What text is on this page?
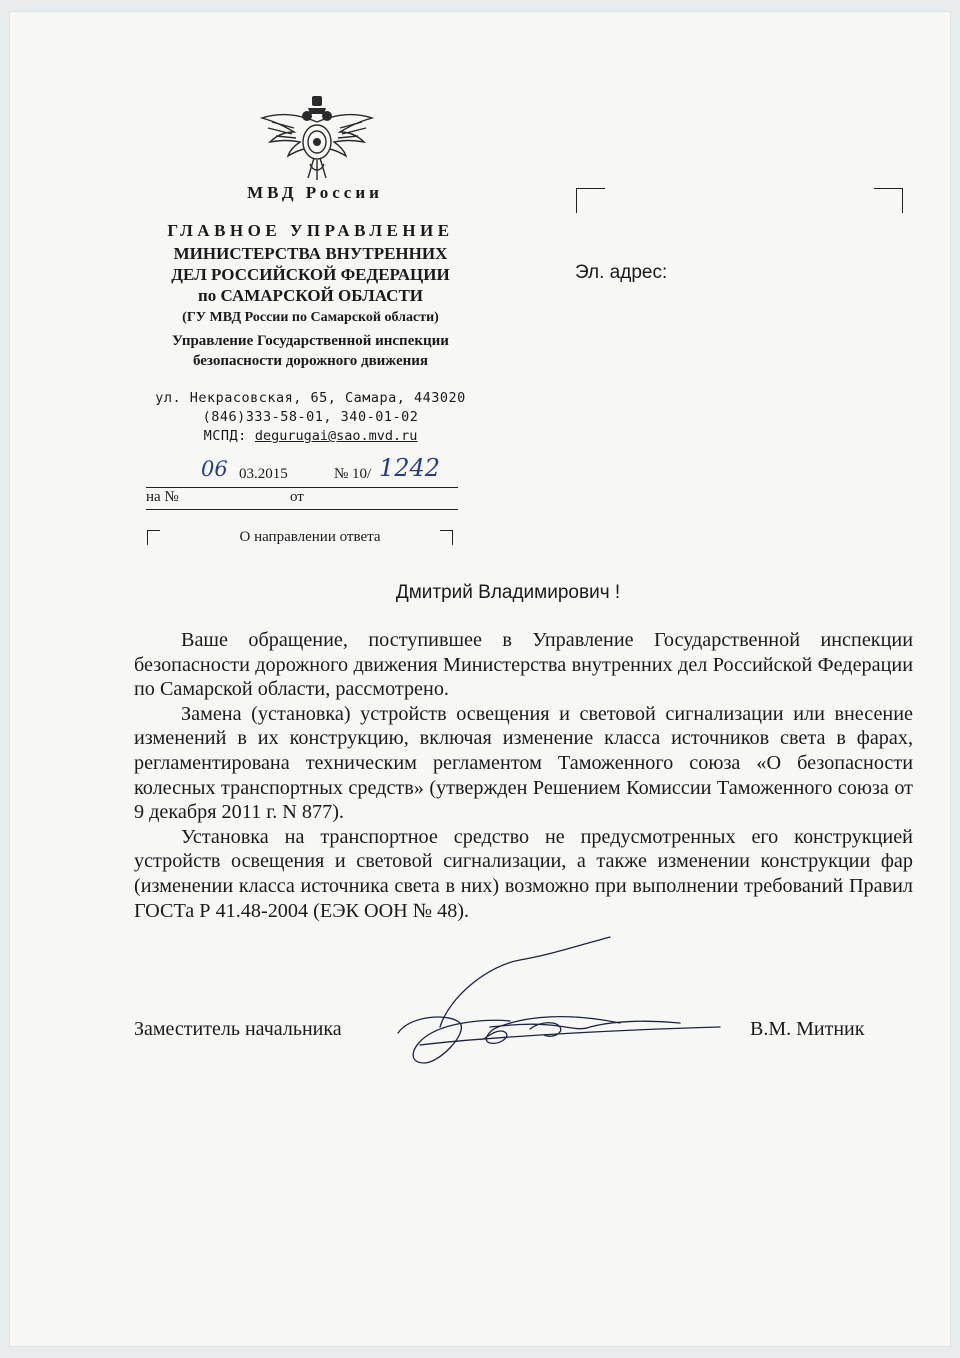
МВД России
ГЛАВНОЕ УПРАВЛЕНИЕ
МИНИСТЕРСТВА ВНУТРЕННИХ
ДЕЛ РОССИЙСКОЙ ФЕДЕРАЦИИ
по САМАРСКОЙ ОБЛАСТИ
(ГУ МВД России по Самарской области)
Управление Государственной инспекции
безопасности дорожного движения
ул. Некрасовская, 65, Самара, 443020
(846)333-58-01, 340-01-02
МСПД: degurugai@sao.mvd.ru
06 03.2015	№ 10/ 1242
на №	от
О направлении ответа
Эл. адрес:
Дмитрий Владимирович !

Ваше обращение, поступившее в Управление Государственной инспекции безопасности дорожного движения Министерства внутренних дел Российской Федерации по Самарской области, рассмотрено.

Замена (установка) устройств освещения и световой сигнализации или внесение изменений в их конструкцию, включая изменение класса источников света в фарах, регламентирована техническим регламентом Таможенного союза «О безопасности колесных транспортных средств» (утвержден Решением Комиссии Таможенного союза от 9 декабря 2011 г. N 877).

Установка на транспортное средство не предусмотренных его конструкцией устройств освещения и световой сигнализации, а также изменении конструкции фар (изменении класса источника света в них) возможно при выполнении требований Правил ГОСТа Р 41.48-2004 (ЕЭК ООН № 48).

Заместитель начальника	В.М. Митник
